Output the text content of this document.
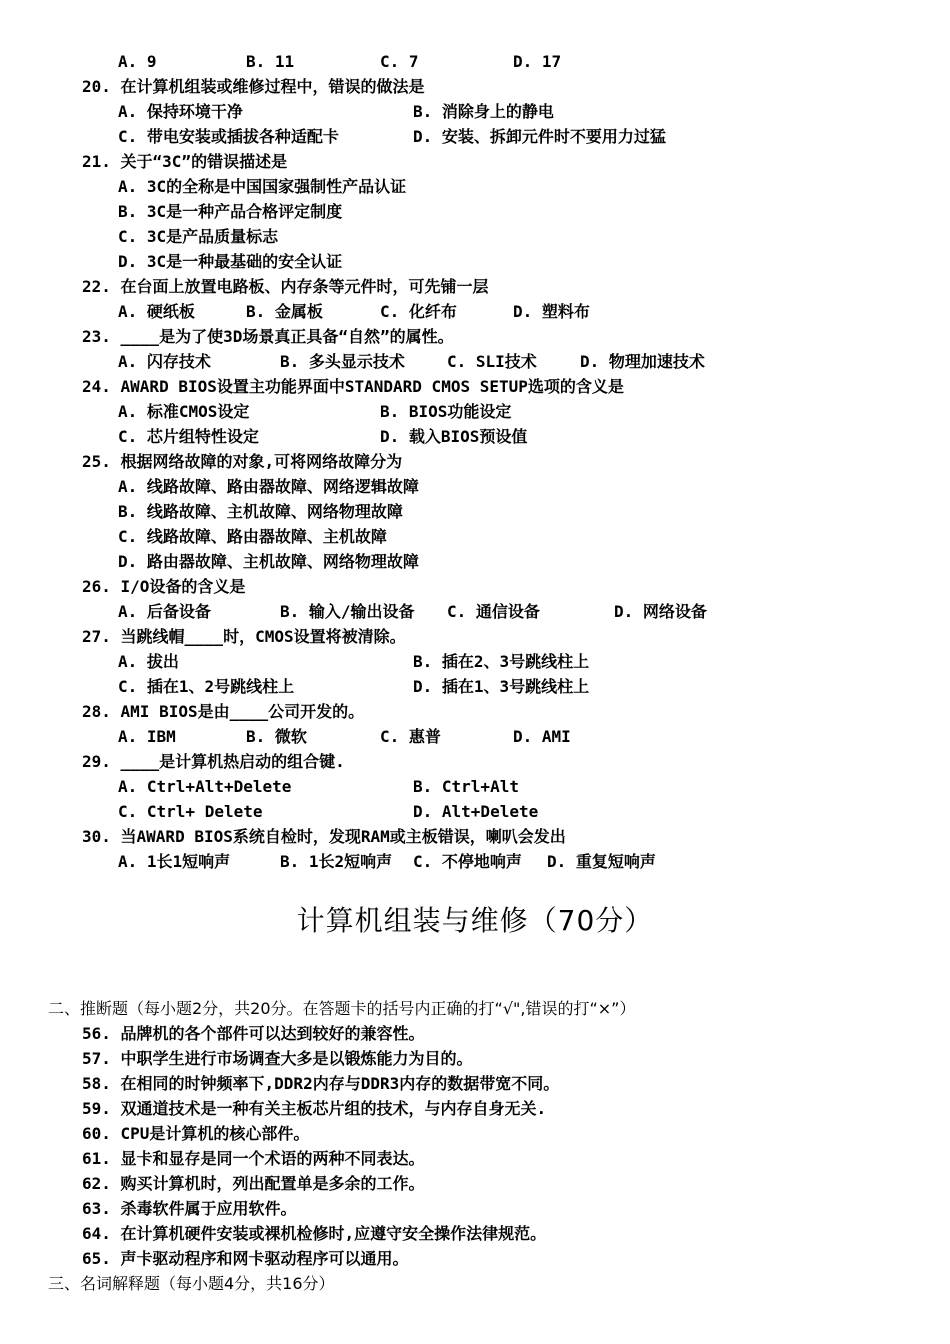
A. 9	B. 11	C. 7	D. 17
20. 在计算机组装或维修过程中，错误的做法是
A. 保持环境干净	B. 消除身上的静电
C. 带电安装或插拔各种适配卡	D. 安装、拆卸元件时不要用力过猛
21. 关于“3C”的错误描述是
A. 3C的全称是中国国家强制性产品认证
B. 3C是一种产品合格评定制度
C. 3C是产品质量标志
D. 3C是一种最基础的安全认证
22. 在台面上放置电路板、内存条等元件时，可先铺一层
A. 硬纸板	B. 金属板	C. 化纤布	D. 塑料布
23. ____是为了使3D场景真正具备“自然”的属性。
A. 闪存技术	B. 多头显示技术	C. SLI技术	D. 物理加速技术
24. AWARD BIOS设置主功能界面中STANDARD CMOS SETUP选项的含义是
A. 标准CMOS设定	B. BIOS功能设定
C. 芯片组特性设定	D. 载入BIOS预设值
25. 根据网络故障的对象,可将网络故障分为
A. 线路故障、路由器故障、网络逻辑故障
B. 线路故障、主机故障、网络物理故障
C. 线路故障、路由器故障、主机故障
D. 路由器故障、主机故障、网络物理故障
26. I/O设备的含义是
A. 后备设备	B. 输入/输出设备 C. 通信设备	D. 网络设备
27. 当跳线帽____时，CMOS设置将被清除。
A. 拔出	B. 插在2、3号跳线柱上
C. 插在1、2号跳线柱上	D. 插在1、3号跳线柱上
28. AMI BIOS是由____公司开发的。
A. IBM	B. 微软	C. 惠普	D. AMI
29. ____是计算机热启动的组合键.
A. Ctrl+Alt+Delete	B. Ctrl+Alt
C. Ctrl+ Delete	D. Alt+Delete
30. 当AWARD BIOS系统自检时，发现RAM或主板错误，喇叭会发出
A. 1长1短响声	B. 1长2短响声 C. 不停地响声 D. 重复短响声
计算机组装与维修（70分）
二、推断题（每小题2分，共20分。在答题卡的括号内正确的打“√",错误的打“×”）
56. 品牌机的各个部件可以达到较好的兼容性。
57. 中职学生进行市场调查大多是以锻炼能力为目的。
58. 在相同的时钟频率下,DDR2内存与DDR3内存的数据带宽不同。
59. 双通道技术是一种有关主板芯片组的技术，与内存自身无关.
60. CPU是计算机的核心部件。
61. 显卡和显存是同一个术语的两种不同表达。
62. 购买计算机时，列出配置单是多余的工作。
63. 杀毒软件属于应用软件。
64. 在计算机硬件安装或裸机检修时,应遵守安全操作法律规范。
65. 声卡驱动程序和网卡驱动程序可以通用。
三、名词解释题（每小题4分，共16分）
